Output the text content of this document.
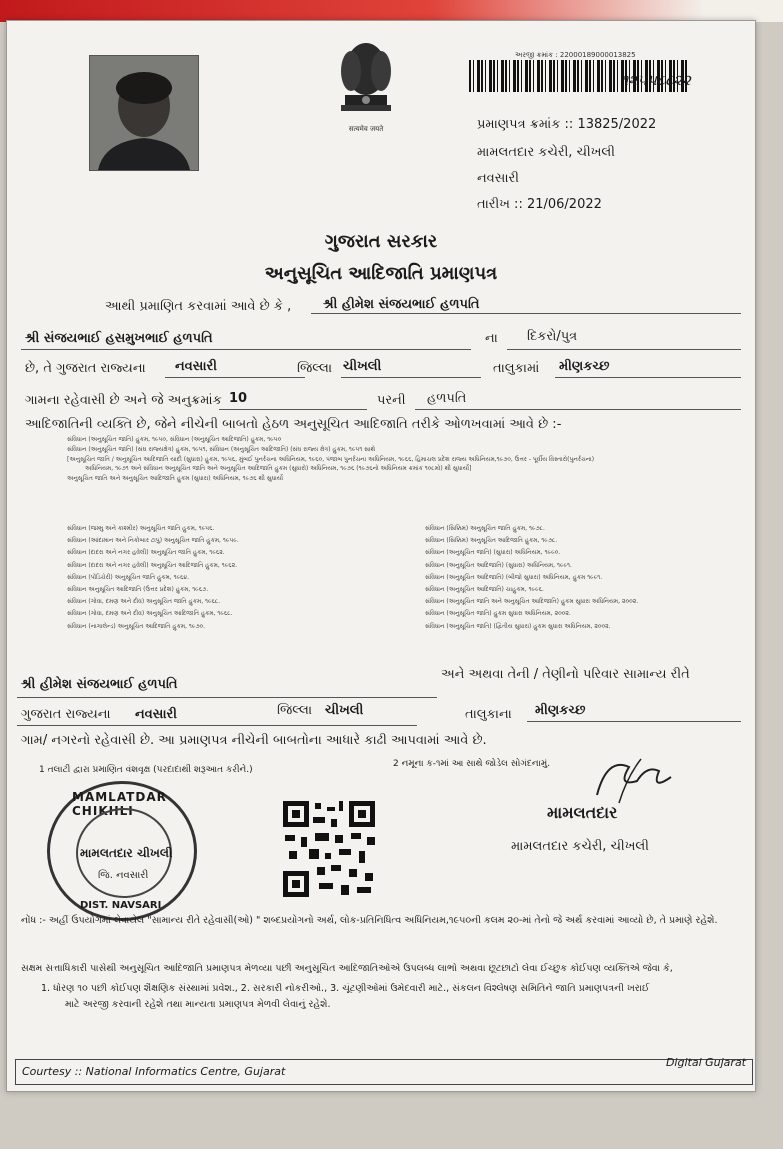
सत्यमेव जयते
અરજી ક્રમાંક : 22000189000013825
૧૨૫૫૮૮૨૨
પ્રમાણપત્ર ક્રમાંક :: 13825/2022
મામલતદાર કચેરી, ચીખલી
નવસારી
તારીખ :: 21/06/2022
ગુજરાત સરકાર
અનુસૂચિત આદિજાતિ પ્રમાણપત્ર
આથી પ્રમાણિત કરવામાં આવે છે કે , શ્રી હીમેશ સંજયભાઈ હળપતિ
શ્રી સંજયભાઈ હસમુખભાઈ હળપતિ	ના દિકરો/પુત્ર
છે, તે ગુજરાત રાજ્યના નવસારી	જિલ્લા ચીખલી	તાલુકામાં મીણકચ્છ
ગામના રહેવાસી છે અને જે અનુક્રમાંક 10	પરની હળપતિ
આદિજાતિની વ્યક્તિ છે, જેને નીચેની બાબતો હેઠળ અનુસૂચિત આદિજાતિ તરીકે ઓળખવામાં આવે છે :-
સંવિધાન (અનુસૂચિત જાતિ) હુકમ, ૧૯૫૦, સંવિધાન (અનુસૂચિત આદિજાતિ) હુકમ, ૧૯૫૦
સંવિધાન (અનુસૂચિત જાતિ) (સંઘ રાજ્યક્ષેત્ર) હુકમ, ૧૯૫૧, સંવિધાન (અનુસૂચિત આદિજાતિ) (સંઘ રાજ્ય ક્ષેત્ર) હુકમ, ૧૯૫૧ સાથે
[અનુસૂચિત જાતિ / અનુસૂચિત આદિજાતિ યાદી (સુધારા) હુકમ, ૧૯૫૬, મુંબઈ પુનર્રચના અધિનિયમ, ૧૯૬૦, પંજાબ પુનર્રચના અધિનિયમ, ૧૯૬૬, હિમાચલ પ્રદેશ રાજ્ય અધિનિયમ,૧૯૭૦, ઉત્તર - પૂર્વીય વિસ્તારો(પુનર્રચના)
અધિનિયમ, ૧૯૭૧ અને સંવિધાન અનુસૂચિત જાતિ અને અનુસૂચિત આદિજાતિ હુકમ (સુધારો) અધિનિયમ, ૧૯૭૬ (૧૯૭૬નો અધિનિયમ ક્રમાંક ૧૦૮મો) થી સુધાર્યો]
અનુસૂચિત જાતિ અને અનુસૂચિત આદિજાતિ હુકમ (સુધારા) અધિનિયમ, ૧૯૭૬ થી સુધાર્યો
સંવિધાન (જમ્મુ અને કાશ્મીર) અનુસૂચિત જાતિ હુકમ, ૧૯૫૬.
સંવિધાન (આંદામાન અને નિકોબાર ટાપુ) અનુસૂચિત જાતિ હુકમ, ૧૯૫૯.
સંવિધાન (દાદરા અને નગર હવેલી) અનુસૂચિત જાતિ હુકમ, ૧૯૬૨.
સંવિધાન (દાદરા અને નગર હવેલી) અનુસૂચિત આદિજાતિ હુકમ, ૧૯૬૨.
સંવિધાન (પોંડિચેરી) અનુસૂચિત જાતિ હુકમ, ૧૯૬૪.
સંવિધાન અનુસૂચિત આદિજાતિ (ઉત્તર પ્રદેશ) હુકમ, ૧૯૬૭.
સંવિધાન (ગોવા, દમણ અને દીવ) અનુસૂચિત જાતિ હુકમ, ૧૯૬૮.
સંવિધાન (ગોવા, દમણ અને દીવ) અનુસૂચિત આદિજાતિ હુકમ, ૧૯૬૮.
સંવિધાન (નાગાલેન્ડ) અનુસૂચિત આદિજાતિ હુકમ, ૧૯૭૦.
સંવિધાન (સિક્કિમ) અનુસૂચિત જાતિ હુકમ, ૧૯૭૮.
સંવિધાન (સિક્કિમ) અનુસૂચિત આદિજાતિ હુકમ, ૧૯૭૮.
સંવિધાન (અનુસૂચિત જાતિ) (સુધારા) અધિનિયમ, ૧૯૯૦.
સંવિધાન (અનુસૂચિત આદિજાતિ) (સુધારા) અધિનિયમ, ૧૯૯૧.
સંવિધાન (અનુસૂચિત આદિજાતિ) (બીજો સુધારા) અધિનિયમ, હુકમ ૧૯૯૧.
સંવિધાન (અનુસૂચિત આદિજાતિ) ચાહુકમ, ૧૯૯૬.
સંવિધાન (અનુસૂચિત જાતિ અને અનુસૂચિત આદિજાતિ) હુકમ સુધારા અધિનિયમ, ૨૦૦૨.
સંવિધાન (અનુસૂચિત જાતિ) હુકમ સુધારા અધિનિયમ, ૨૦૦૨.
સંવિધાન (અનુસૂચિત જાતિ) (દ્વિતીય સુધારા) હુકમ સુધારા અધિનિયમ, ૨૦૦૨.
શ્રી હીમેશ સંજયભાઈ હળપતિ
અને અથવા તેની / તેણીનો પરિવાર સામાન્ય રીતે
ગુજરાત રાજ્યના નવસારી	જિલ્લા ચીખલી	તાલુકાના મીણકચ્છ
ગામ/ નગરનો રહેવાસી છે. આ પ્રમાણપત્ર નીચેની બાબતોના આધારે કાઢી આપવામાં આવે છે.
1 તલાટી દ્વારા પ્રમાણિત વંશવૃક્ષ (પરદાદાથી શરૂઆત કરીને.)
2 નમૂના ક-૧માં આ સાથે જોડેલ સોગંદનામું.
MAMLATDAR CHIKHLI
મામલતદાર ચીખલી
જિ. નવસારી
DIST. NAVSARI
મામલતદાર
મામલતદાર કચેરી, ચીખલી
નોંધ :- અહીં ઉપયોગમાં લેવાયેલ "સામાન્ય રીતે રહેવાસી(ઓ) " શબ્દપ્રયોગનો અર્થ, લોક-પ્રતિનિધિત્વ અધિનિયમ,૧૯૫૦ની કલમ ૨૦-માં તેનો જે અર્થ કરવામાં આવ્યો છે, તે પ્રમાણે રહેશે.
સક્ષમ સત્તાધિકારી પાસેથી અનુસૂચિત આદિજાતિ પ્રમાણપત્ર મેળવ્યા પછી અનુસૂચિત આદિજાતિઓએ ઉપલબ્ધ લાભો અથવા છૂટછાટો લેવા ઈચ્છુક કોઈપણ વ્યક્તિએ જેવા કે,
1. ધોરણ ૧૦ પછી કોઈપણ શૈક્ષણિક સંસ્થામાં પ્રવેશ., 2. સરકારી નોકરીઓ., 3. ચૂંટણીઓમાં ઉમેદવારી માટે., સંકલન વિશ્લેષણ સમિતિને જાતિ પ્રમાણપત્રની ખરાઈ
માટે અરજી કરવાની રહેશે તથા માન્યતા પ્રમાણપત્ર મેળવી લેવાનું રહેશે.
Courtesy :: National Informatics Centre, Gujarat
Digital Gujarat
